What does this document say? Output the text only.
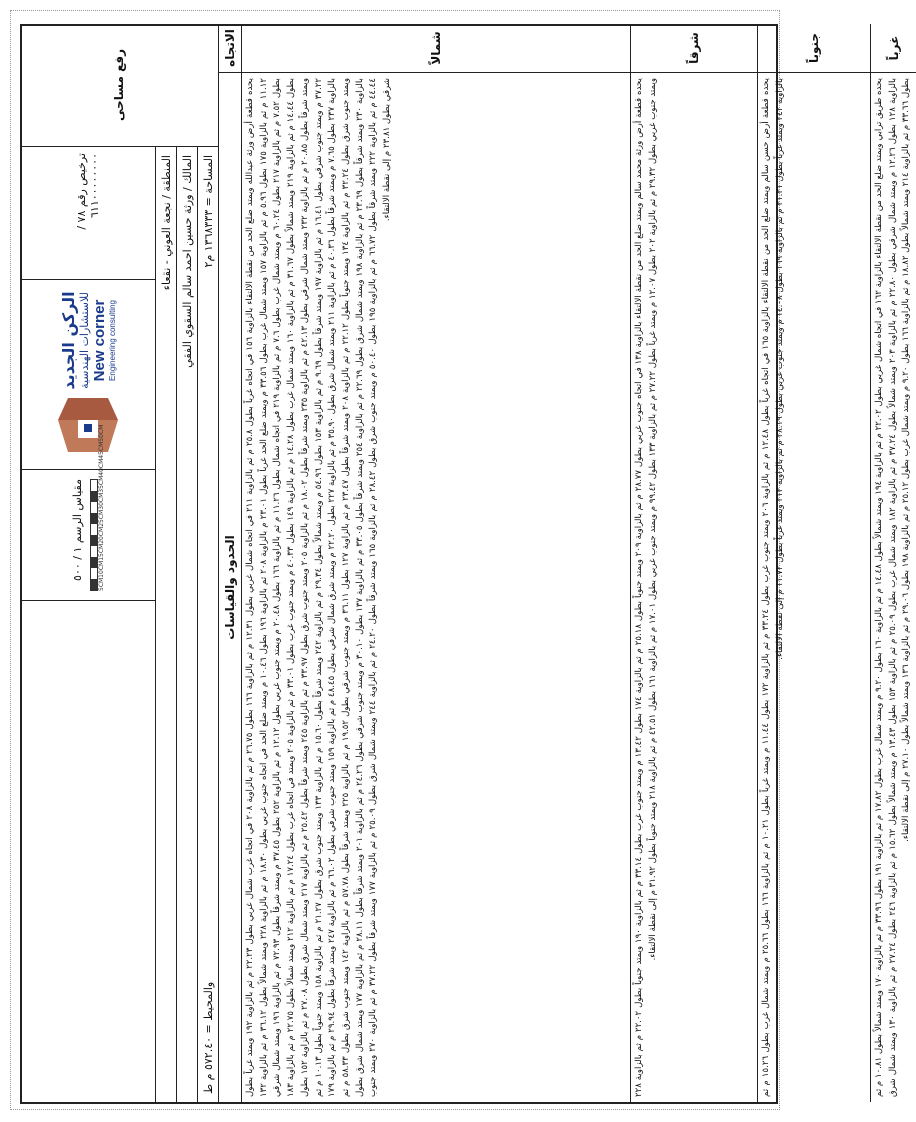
رفع مساحى
ترخيص رقم ٧٨ / ٦١١٠٠٠٠٠٠٠٠
الركن الجديد للاستشارات الهندسية New corner Engineering consulting
مقياس الرسم ١ / ٥٠٠
5CM
10CM
15CM
20CM
25CM
30CM
35CM
40CM
45CM
50CM
المنطقة / نجعة العوني - نقعاء المالك / ورثة حسين احمد سالم السقوي الفقي المساحة = ١٣٦٨٣٣٣ م٢
والمحيط = ٥٧٢.٤٠ م ط
الاتجاه
الحدود والقياسات
شمالاً
يحده قطعة أرض ورثة عبدالله ويمتد ضلع الحد من نقطة الالتقاء بالزاوية ١٥٦ في اتجاه غرباً بطول ٢٥.٨ م ثم بالزاوية ٢١١ في اتجاه شمال غربي بطول ١٢.٣١ م ثم بالزاوية ١٦٦ بطول ٢٦.٧٥ م ثم بالزاوية ٢٠٨ في اتجاه غرب شمال غربي بطول ٢٢.٢٣ م ثم بالزاوية ١٩٢ ويمتد غرباً بطول ١١.١٢ م ثم بالزاوية ١٧٥ بطول ٥.٩٦ م ثم بالزاوية ١٥٧ ويمتد شمال غرب بطول ٣٣.٥٦ م ويمتد ضلع الحد غرباً بطول ٢٣.٠١ م بالزاوية ٢٠٨ ثم بالزاوية ١٩٦ بطول ١٠.٤٦ م ويمتد ضلع الحد في اتجاه جنوب غربي بطول ١٨.٣٠ م ثم بالزاوية ٢٢٨ ويمتد شمالاً بطول ٣٦.١٢ م ثم بالزاوية ١٣٢ بطول ٧.٥٢ م ثم بالزاوية ٢١٧ بطول ٦٠.٢٤ م ويمتد شمال غرب بطول ٧.٦ م ثم بالزاوية ٢١٩ في اتجاه شمال بطول ١١.٢٦ م ثم بالزاوية ١٦٦ بطول ٢٠.٤٨ م ويمتد جنوب غربي بطول ١٢.١٢ م ثم بالزاوية ٢٥٢ بطول ٣٧.٤٥ م ويمتد شرقاً بطول ٧٢.٩٣ م ثم بالزاوية ١٩٦ ويمتد شمال شرقي بطول ١٤.٤٤ م ثم بالزاوية ٢١٩ ويمتد شمالاً بطول ٣١.٦٧ م ثم بالزاوية ١٦٠ ويمتد شمال غرب بطول ١٤.٢٨ م ثم بالزاوية ١٤٩ بطول ٤٠.٣٣ م ويمتد جنوب غرب بطول ٣٣.٠١ م ثم بالزاوية ٢٠٥ ويمتد في اتجاه غرب بطول ١٧.٢٤ م ثم بالزاوية ٢١٢ ويمتد شمالاً بطول ٢٢.٧٥ م ثم بالزاوية ١٨٣ ويمتد شرقاً بطول ٢٠.٨٥ م ثم بالزاوية ٢٣٢ ويمتد شمال شرقي بطول ٤٢.١٣ م ثم بالزاوية ٢٣٥ ويمتد شرقاً بطول ١٨.٠٢ م ثم بالزاوية ٢٠٥ ويمتد جنوب شرق بطول ٣٣.٩٧ م ثم بالزاوية ٢٤٥ ويمتد شرقاً بطول ٢٥.٤٢ م ثم بالزاوية ٢١٧ ويمتد شمال شرق بطول ٢٧.٠٨ م ثم بالزاوية ١٥٢ بطول ٣٧.٢٢ م ويمتد جنوب شرقي بطول ١٦.٤١ م ثم بالزاوية ١٩٧ ويمتد شرقاً بطول ٩.٦٩ م ثم بالزاوية ١٥٣ بطول ٥٤.٩٦ م ويمتد شمالاً بطول ٢٩.٣٤ م ثم بالزاوية ٢٤٢ ويمتد شرقاً بطول ١٥.٦٠ م ثم بالزاوية ١٣٣ ويمتد جنوب شرق بطول ٢١.٢٧ م ثم بالزاوية ١٥٨ ويمتد جنوباً بطول ١٠.١٣ م ثم بالزاوية ٢٣٧ بطول ٧.٦٥ م ويمتد شرقاً بطول ٤٠.٣٦ م ثم بالزاوية ٢١١ ويمتد شمال شرق بطول ٣٥.٩٠ م ثم بالزاوية ٢٢٧ بطول ٢٢.٢٠ م ويمتد شرق شمال شرقي بطول ٤٨.٤٥ م ثم بالزاوية ١٥٩ ويمتد جنوب شرقي بطول ٦٦.٠٢ م ثم بالزاوية ٢٤٧ ويمتد شرقاً بطول ٢٩.٩٤ م ثم بالزاوية ١٧٩ ويمتد جنوب شرق بطول ٣٢.٢٤ م ثم بالزاوية ١٣٤ ويمتد جنوباً بطول ٢٢.١٢ م ثم بالزاوية ٢٠٨ ويمتد شرقاً بطول ٢٣.٤٧ م ثم بالزاوية ١٢٧ بطول ٣٦.١١ م ويمتد جنوب شرقي بطول ١٩.٥٢ م ثم بالزاوية ٢٢٥ ويمتد شرقاً بطول ٥٧.٧٨ م ثم بالزاوية ١٤٢ ويمتد جنوب شرق بطول ٥٨.٣٣ م ثم بالزاوية ٢٣٠ ويمتد شرقاً بطول ٢٣.٦٩ م ثم بالزاوية ١٩٨ ويمتد شمال شرق بطول ٢٢.٦٩ م ثم بالزاوية ٢٥٤ ويمتد شرقاً بطول ٣٣.٠٥ م ثم بالزاوية ١٣٧ بطول ٣٠.١٠ م ويمتد جنوب شرقي بطول ٢٤.٢٦ م ثم بالزاوية ٢٠١ ويمتد شرقاً بطول ٢٨.١١ م ثم بالزاوية ١٧٧ ويمتد شمال شرق بطول ٤٤.٤٤ م ثم بالزاوية ٢٢٢ ويمتد شرقاً بطول ٦٦.٧٢ م ثم بالزاوية ١٩٥ بطول ٥٠.٤٠ م ويمتد جنوب شرق بطول ٢٨.٤٢ م ثم بالزاوية ١٦٥ ويمتد شرقاً بطول ٢٤.٢٠ م ثم بالزاوية ٢٤٤ ويمتد شمال شرق بطول ٢٥.٠٩ م ثم بالزاوية ١٧٧ ويمتد شرقاً بطول ٣٧.٢٢ م ثم بالزاوية ٢٧٠ ويمتد جنوب شرقي بطول ٢٣.٨١ م إلى نقطة الالتقاء.
شرقاً
يحده قطعة أرض ورثة محمد سالم ويمتد ضلع الحد من نقطة الالتقاء بالزاوية ١٣٨ في اتجاه جنوب غربي بطول ٢٨.٧٧ م ثم بالزاوية ٢٠٩ ويمتد جنوباً بطول ٢٥.١٨ م ثم بالزاوية ١٧٤ بطول ١٣.٤٢ م ويمتد جنوب غرب بطول ٣٣.١٤ م ثم بالزاوية ١٩٠ ويمتد جنوباً بطول ٢٢.٠٢ م ثم بالزاوية ٢٢٨ ويمتد جنوب غربي بطول ٢٩.٣٢ م ثم بالزاوية ٢٠٢ بطول ١٢.٠٧ م ويمتد غرباً بطول ٢٧.٢٢ م ثم بالزاوية ١٣٣ بطول ٩٩.٤٢ م ويمتد جنوب غربي بطول ١٧.٠١ م ثم بالزاوية ١٦١ بطول ٤٢.٥١ م ثم بالزاوية ٢١٨ ويمتد جنوباً بطول ٣١.٩٢ م إلى نقطة الالتقاء.
جنوباً
يحده قطعة أرض حسن سالم ويمتد ضلع الحد من نقطة الالتقاء بالزاوية ١٦٥ في اتجاه غرباً بطول ١٢.٤٨ م ثم بالزاوية ٢٠٦ ويمتد جنوب غرب بطول ٣٣.٢٤ م ثم بالزاوية ١٧٢ بطول ١١.٤٤ م ويمتد غرباً بطول ١٠.٢١ م ثم بالزاوية ١٦٦ بطول ٢٥.٦٦ م ويمتد شمال غرب بطول ١٥.٢٦ م ثم بالزاوية ٢٤٢ ويمتد غرباً بطول ٣١.٣١ م ثم بالزاوية ١٦٩ بطول ١٤.٠٨ م ويمتد جنوب غربي بطول ٢٨.١٩ م ثم بالزاوية ٢١٣ ويمتد غرباً بطول ١١.٧٢ م إلى نقطة الالتقاء.
غرباً
يحده طريق ترابي ويمتد ضلع الحد من نقطة الالتقاء بالزاوية ١٦٢ في اتجاه شمال غربي بطول ٢٢.٠٢ م ثم بالزاوية ١٩٤ ويمتد شمالاً بطول ١٤.٤٨ م ثم بالزاوية ١٦٠ بطول ٩.٢٠ م ويمتد شمال غرب بطول ١٧.٨٢ م ثم بالزاوية ١٩١ بطول ٣٣.٩٦ م ثم بالزاوية ١٧٠ ويمتد شمالاً بطول ١٠.٨١ م ثم بالزاوية ١٢٨ بطول ١٢.٢٦ م ويمتد شمال شرقي بطول ٢٢.٨٠ م ثم بالزاوية ٢٠٣ ويمتد شمالاً بطول ٣٧.٢٤ م ثم بالزاوية ١٨٢ ويمتد شمال غرب بطول ٢٥.٠٩ م ثم بالزاوية ١٥٣ بطول ١٣.٤٣ م ويمتد شمالاً بطول ١٥.٦٢ م ثم بالزاوية ٢٤٦ بطول ٢٧.٢٤ م ثم بالزاوية ١٣٠ ويمتد شمال شرق بطول ٣٣.٦٦ م ثم بالزاوية ٢١٤ ويمتد شمالاً بطول ١٨.٨٢ م ثم بالزاوية ١٦٦ بطول ٩.٢٠ م ويمتد شمال غرب بطول ٢٥.١٢ م ثم بالزاوية ١٩٨ بطول ٢٩.٠٦ م ثم بالزاوية ١٣٦ ويمتد شمالاً بطول ٢٧.١٠ م إلى نقطة الالتقاء.
